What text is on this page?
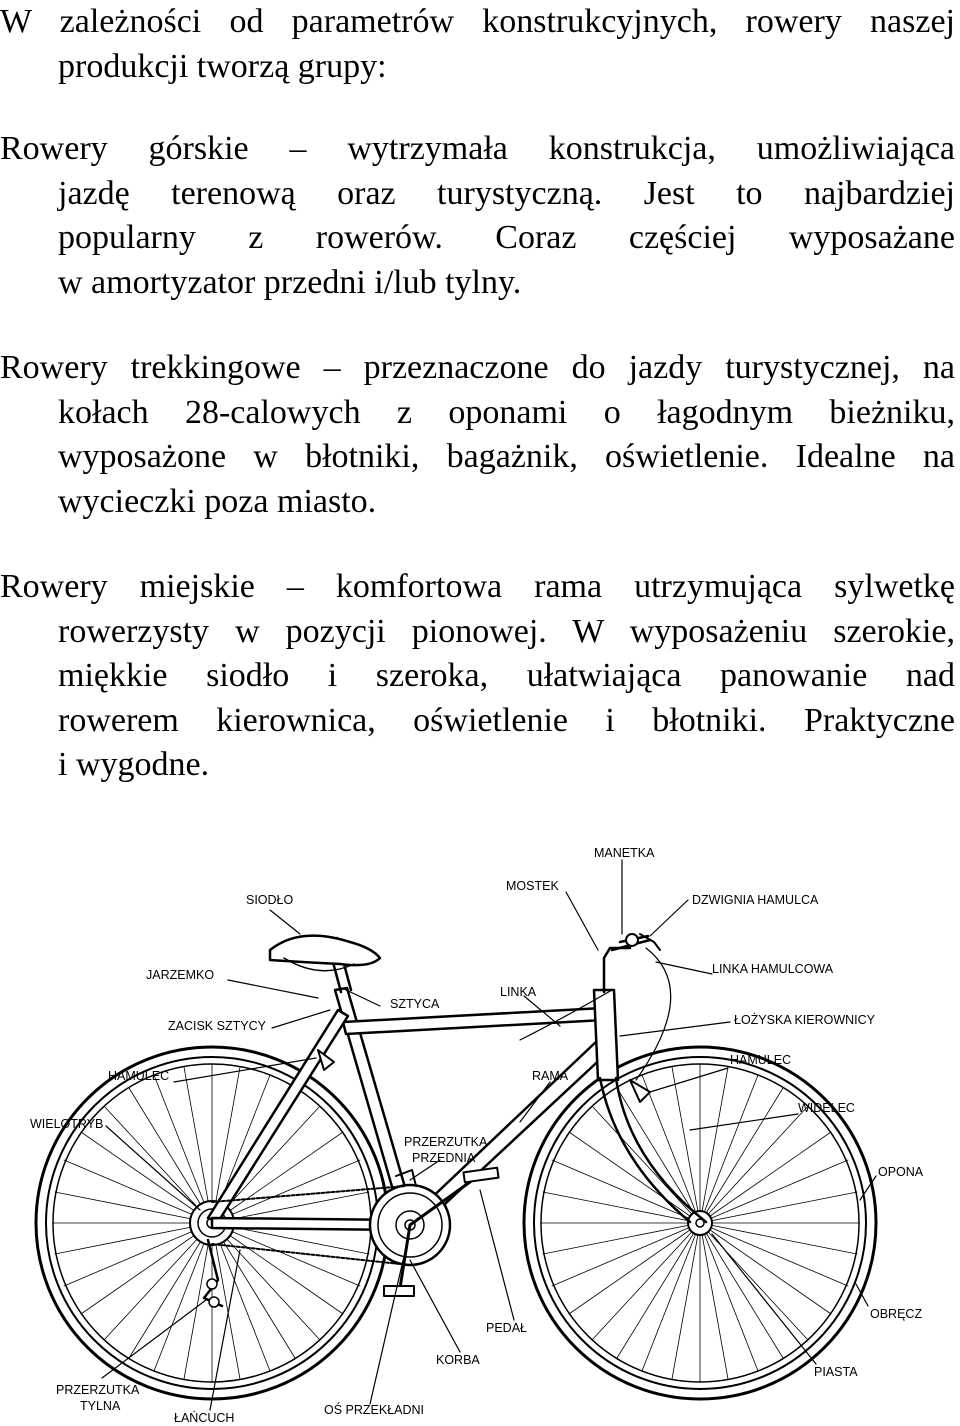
W zależności od parametrów konstrukcyjnych, rowery naszej
produkcji tworzą grupy:
Rowery górskie – wytrzymała konstrukcja, umożliwiająca
jazdę terenową oraz turystyczną. Jest to najbardziej
popularny z rowerów. Coraz częściej wyposażane
w amortyzator przedni i/lub tylny.
Rowery trekkingowe – przeznaczone do jazdy turystycznej, na
kołach 28-calowych z oponami o łagodnym bieżniku,
wyposażone w błotniki, bagażnik, oświetlenie. Idealne na
wycieczki poza miasto.
Rowery miejskie – komfortowa rama utrzymująca sylwetkę
rowerzysty w pozycji pionowej. W wyposażeniu szerokie,
miękkie siodło i szeroka, ułatwiająca panowanie nad
rowerem kierownica, oświetlenie i błotniki. Praktyczne
i wygodne.
MANETKA
MOSTEK
DZWIGNIA HAMULCA
SIODŁO
LINKA HAMULCOWA
JARZEMKO
LINKA
SZTYCA
ŁOŻYSKA KIEROWNICY
ZACISK SZTYCY
HAMULEC
HAMULEC	RAMA
WIDELEC
WIELOTRYB
PRZERZUTKA
PRZEDNIA
OPONA
OBRĘCZ
PEDAŁ
KORBA
PIASTA
PRZERZUTKA
TYLNA	OŚ PRZEKŁADNI
ŁAŃCUCH
